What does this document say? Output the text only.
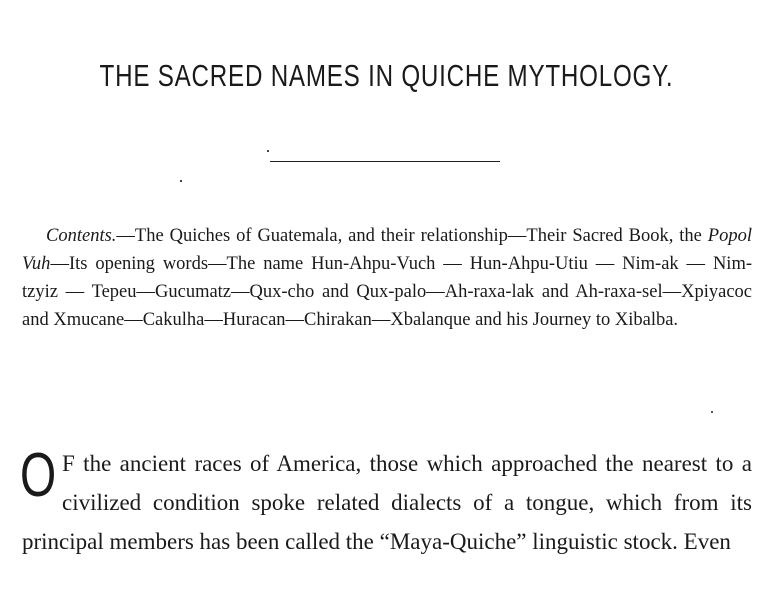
THE SACRED NAMES IN QUICHE MYTHOLOGY.

Contents.—The Quiches of Guatemala, and their relationship—Their Sacred Book, the Popol Vuh—Its opening words—The name Hun-Ahpu-Vuch — Hun-Ahpu-Utiu — Nim-ak — Nim-tzyiz — Tepeu—Gucumatz—Qux-cho and Qux-palo—Ah-raxa-lak and Ah-raxa-sel—Xpiyacoc and Xmucane—Cakulha—Huracan—Chirakan—Xbalanque and his Journey to Xibalba.

O F the ancient races of America, those which approached the nearest to a civilized condition spoke related dialects of a tongue, which from its principal members has been called the “Maya-Quiche” linguistic stock. Even
